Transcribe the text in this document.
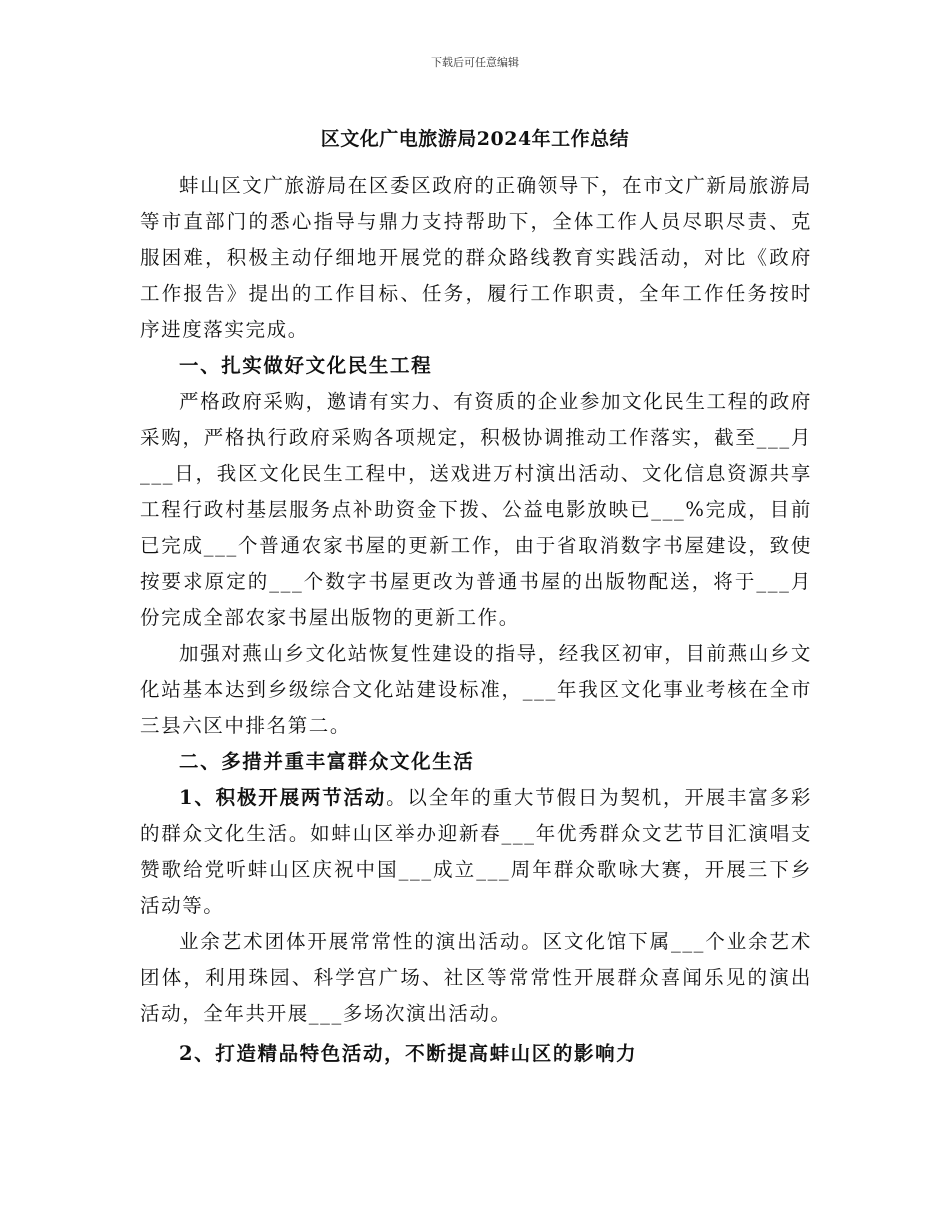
下载后可任意编辑
区文化广电旅游局2024年工作总结

蚌山区文广旅游局在区委区政府的正确领导下，在市文广新局旅游局等市直部门的悉心指导与鼎力支持帮助下，全体工作人员尽职尽责、克服困难，积极主动仔细地开展党的群众路线教育实践活动，对比《政府工作报告》提出的工作目标、任务，履行工作职责，全年工作任务按时序进度落实完成。

一、扎实做好文化民生工程

严格政府采购，邀请有实力、有资质的企业参加文化民生工程的政府采购，严格执行政府采购各项规定，积极协调推动工作落实，截至___月___日，我区文化民生工程中，送戏进万村演出活动、文化信息资源共享工程行政村基层服务点补助资金下拨、公益电影放映已___%完成，目前已完成___个普通农家书屋的更新工作，由于省取消数字书屋建设，致使按要求原定的___个数字书屋更改为普通书屋的出版物配送，将于___月份完成全部农家书屋出版物的更新工作。

加强对燕山乡文化站恢复性建设的指导，经我区初审，目前燕山乡文化站基本达到乡级综合文化站建设标准，___年我区文化事业考核在全市三县六区中排名第二。

二、多措并重丰富群众文化生活

1、积极开展两节活动。以全年的重大节假日为契机，开展丰富多彩的群众文化生活。如蚌山区举办迎新春___年优秀群众文艺节目汇演唱支赞歌给党听蚌山区庆祝中国___成立___周年群众歌咏大赛，开展三下乡活动等。

业余艺术团体开展常常性的演出活动。区文化馆下属___个业余艺术团体，利用珠园、科学宫广场、社区等常常性开展群众喜闻乐见的演出活动，全年共开展___多场次演出活动。

2、打造精品特色活动，不断提高蚌山区的影响力
